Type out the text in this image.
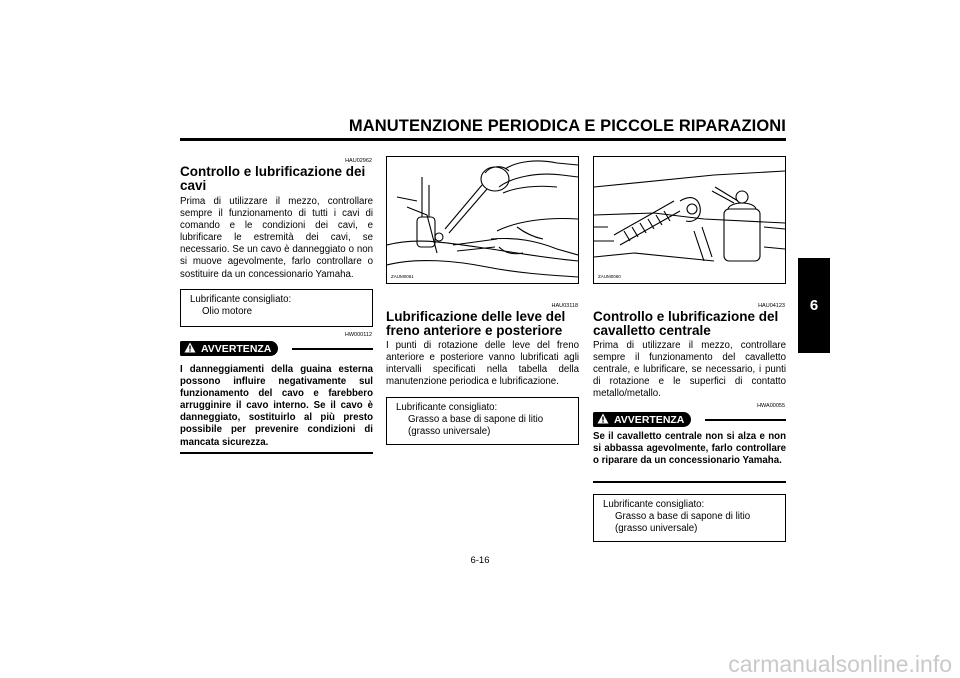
MANUTENZIONE PERIODICA E PICCOLE RIPARAZIONI
6
HAU02962
Controllo e lubrificazione dei cavi
Prima di utilizzare il mezzo, controllare sempre il funzionamento di tutti i cavi di comando e le condizioni dei cavi, e lubrificare le estremità dei cavi, se necessario. Se un cavo è danneggiato o non si muove agevolmente, farlo controllare o sostituire da un concessionario Yamaha.
Lubrificante consigliato:
Olio motore
HW000112
AVVERTENZA
I danneggiamenti della guaina esterna possono influire negativamente sul funzionamento del cavo e farebbero arrugginire il cavo interno. Se il cavo è danneggiato, sostituirlo al più presto possibile per prevenire condizioni di mancata sicurezza.
ZAUM0061
HAU03118
Lubrificazione delle leve del freno anteriore e posteriore
I punti di rotazione delle leve del freno anteriore e posteriore vanno lubrificati agli intervalli specificati nella tabella della manutenzione periodica e lubrificazione.
Lubrificante consigliato:
Grasso a base di sapone di litio
(grasso universale)
ZAUM0060
HAU04123
Controllo e lubrificazione del cavalletto centrale
Prima di utilizzare il mezzo, controllare sempre il funzionamento del cavalletto centrale, e lubrificare, se necessario, i punti di rotazione e le superfici di contatto metallo/metallo.
HWA00055
AVVERTENZA
Se il cavalletto centrale non si alza e non si abbassa agevolmente, farlo controllare o riparare da un concessionario Yamaha.
Lubrificante consigliato:
Grasso a base di sapone di litio
(grasso universale)
6-16
carmanualsonline.info
